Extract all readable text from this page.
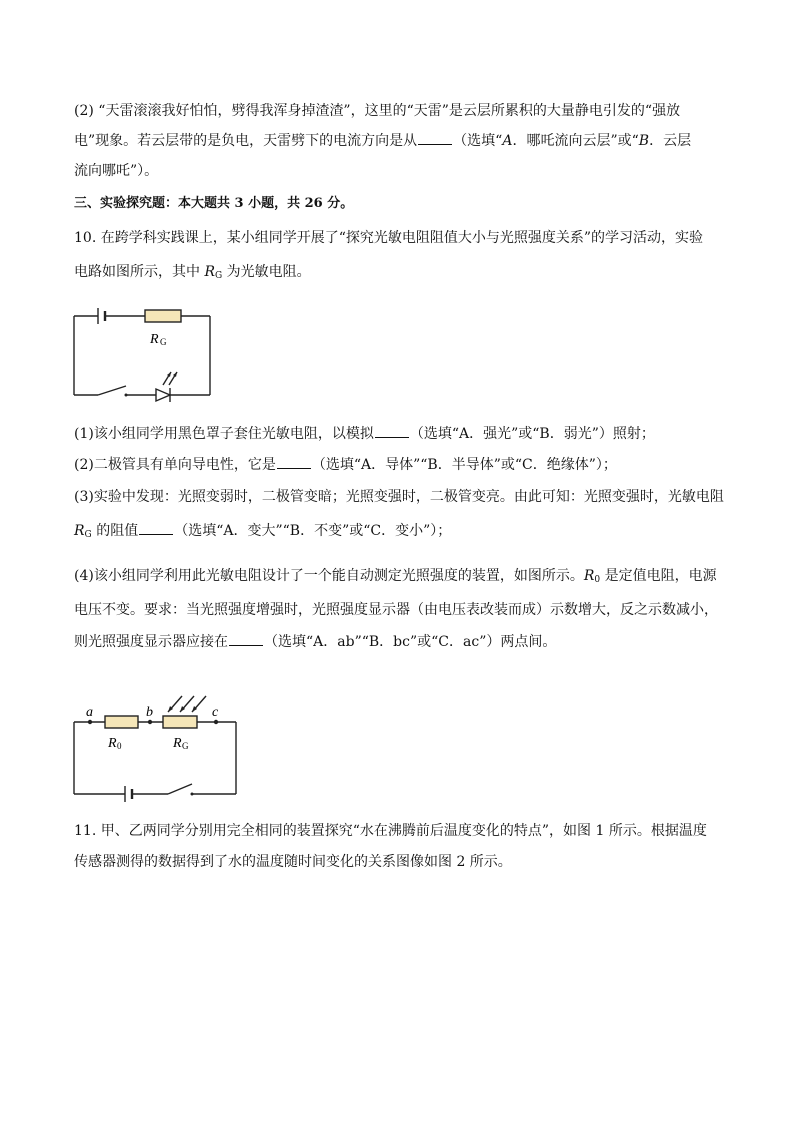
(2) “天雷滚滚我好怕怕，劈得我浑身掉渣渣”，这里的“天雷”是云层所累积的大量静电引发的“强放
电”现象。若云层带的是负电，天雷劈下的电流方向是从	（选填“A．哪吒流向云层”或“B．云层
流向哪吒”）。
三、实验探究题：本大题共 3 小题，共 26 分。
10. 在跨学科实践课上，某小组同学开展了“探究光敏电阻阻值大小与光照强度关系”的学习活动，实验
电路如图所示，其中 $R_G$ 为光敏电阻。
R G
(1)该小组同学用黑色罩子套住光敏电阻，以模拟	（选填“A．强光”或“B．弱光”）照射；
(2)二极管具有单向导电性，它是	（选填“A．导体”“B．半导体”或“C．绝缘体”）；
(3)实验中发现：光照变弱时，二极管变暗；光照变强时，二极管变亮。由此可知：光照变强时，光敏电阻
$R_G$ 的阻值	（选填“A．变大”“B．不变”或“C．变小”）；
(4)该小组同学利用此光敏电阻设计了一个能自动测定光照强度的装置，如图所示。$R_0$ 是定值电阻，电源
电压不变。要求：当光照强度增强时，光照强度显示器（由电压表改装而成）示数增大，反之示数减小，
则光照强度显示器应接在	（选填“A．ab”“B．bc”或“C．ac”）两点间。
a	b	c
R 0	R G
11. 甲、乙两同学分别用完全相同的装置探究“水在沸腾前后温度变化的特点”，如图 1 所示。根据温度
传感器测得的数据得到了水的温度随时间变化的关系图像如图 2 所示。
